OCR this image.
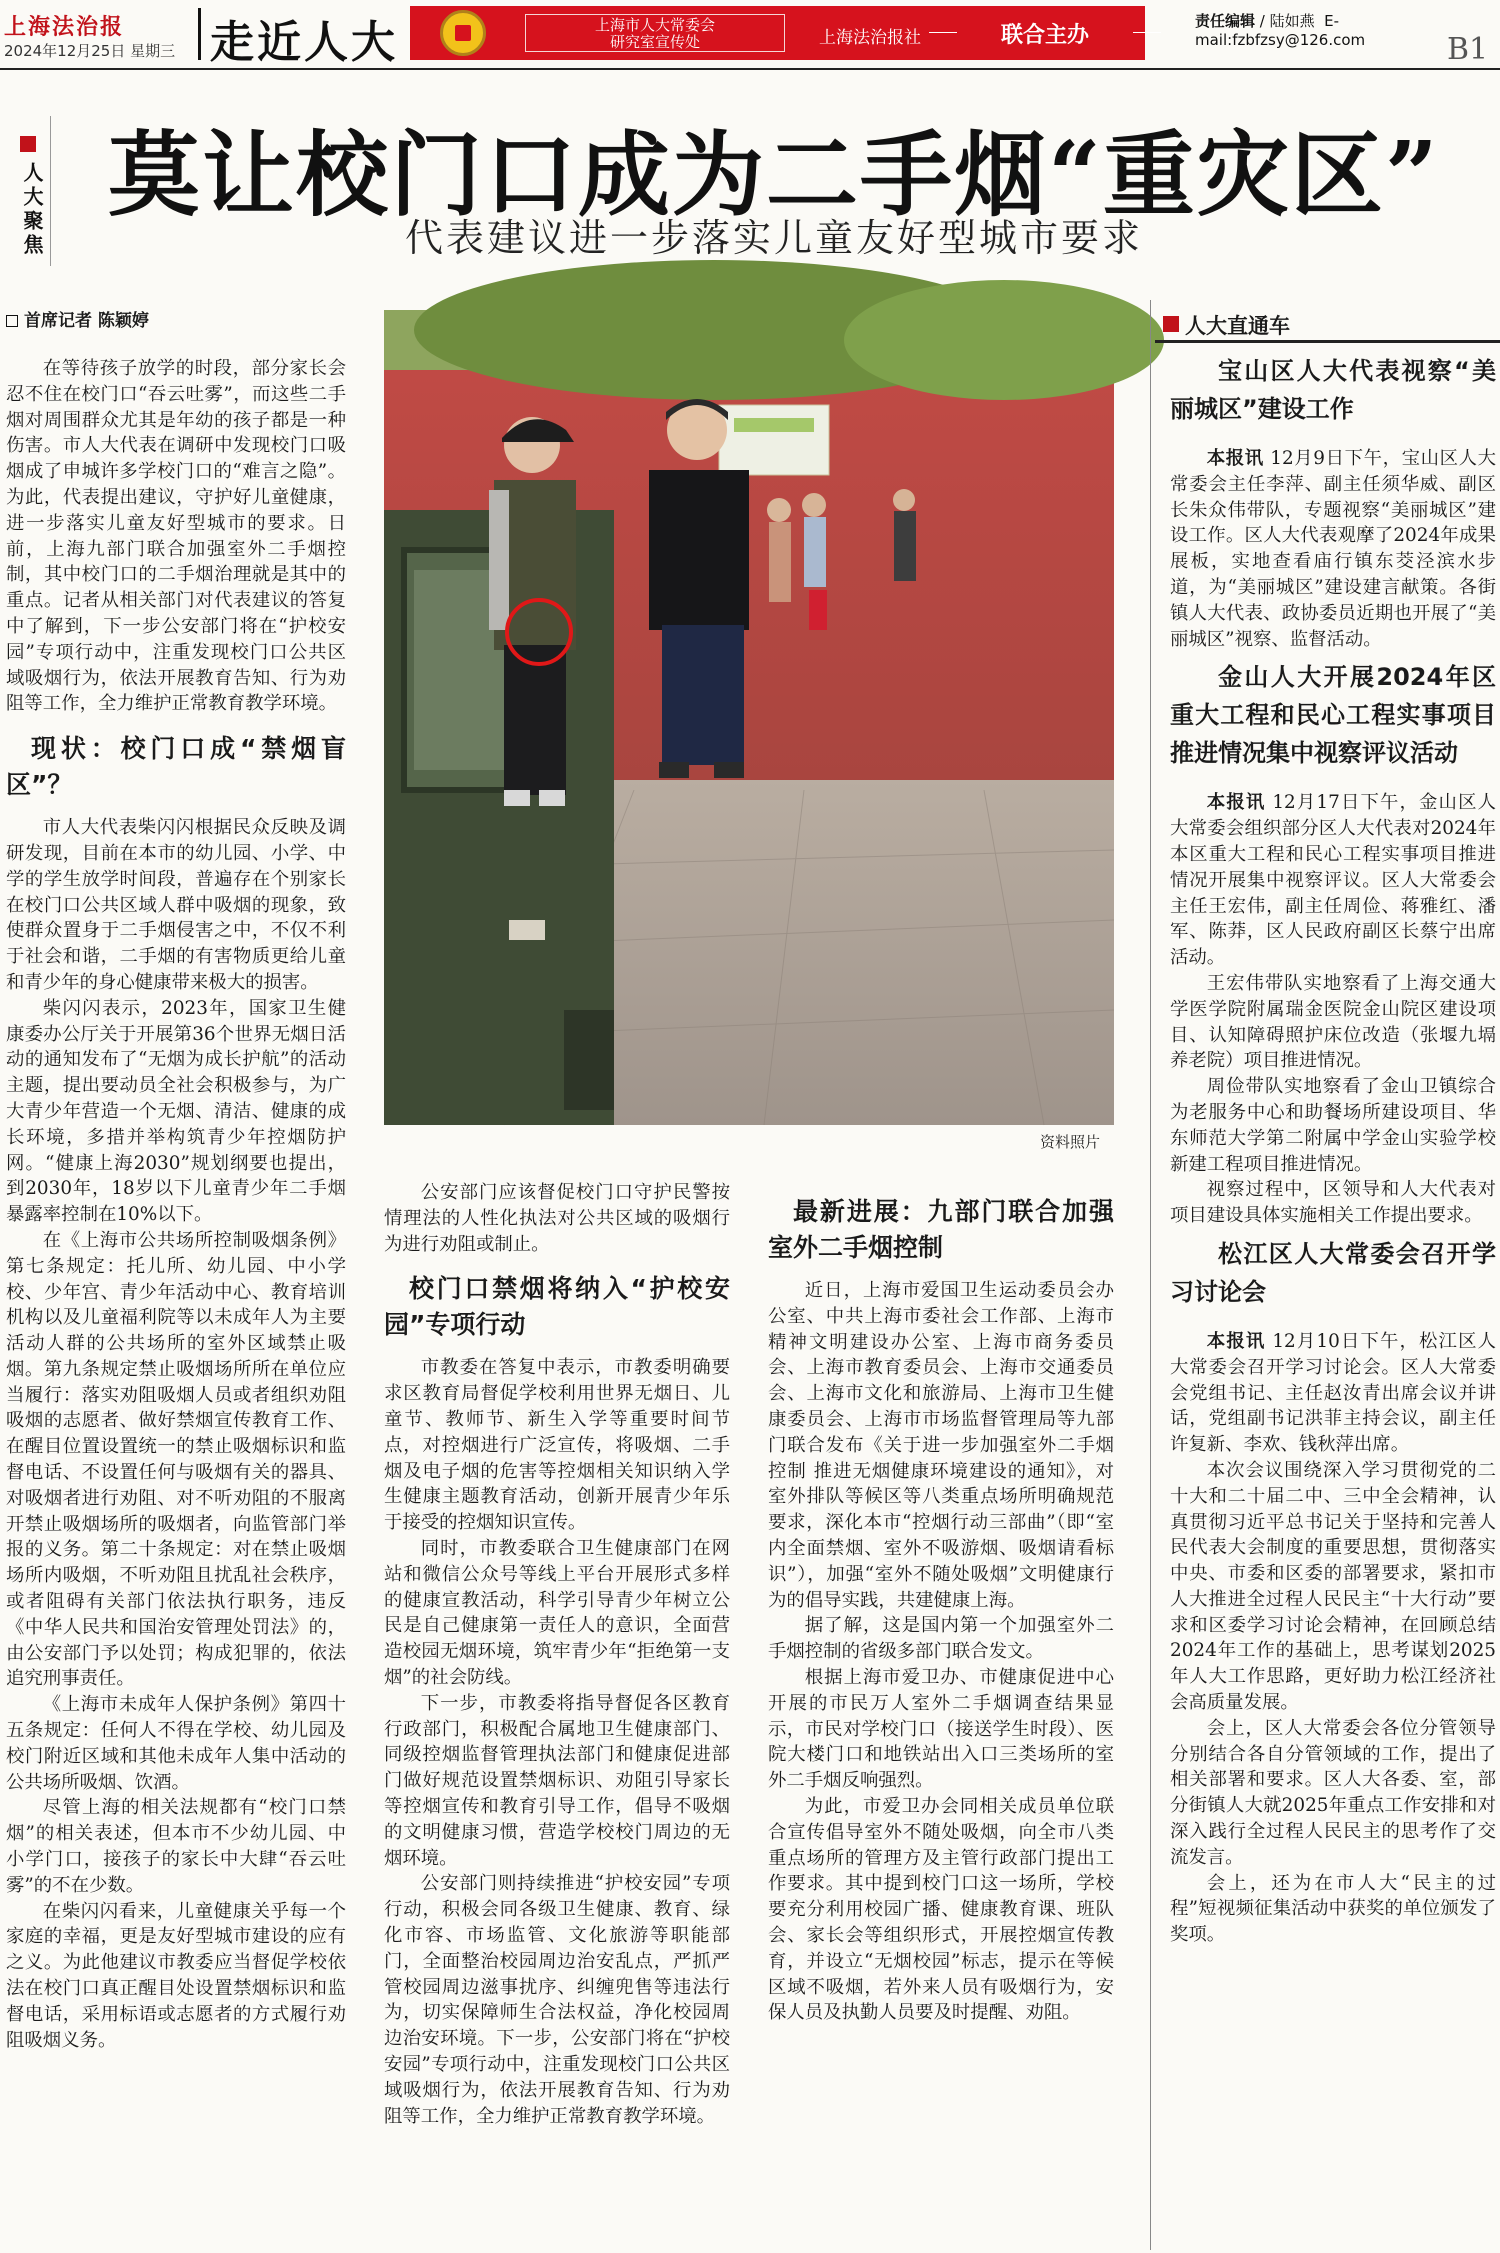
上海法治报
2024年12月25日 星期三 走近人大	上海市人大常委会
研究室宣传处	上海法治报社	联合主办
责任编辑 / 陆如燕 E-mail:fzbfzsy@126.com	B1
人大聚焦 莫让校门口成为二手烟“重灾区”
代表建议进一步落实儿童友好型城市要求
首席记者 陈颖婷

在等待孩子放学的时段，部分家长会忍不住在校门口“吞云吐雾”，而这些二手烟对周围群众尤其是年幼的孩子都是一种伤害。市人大代表在调研中发现校门口吸烟成了申城许多学校门口的“难言之隐”。为此，代表提出建议，守护好儿童健康，进一步落实儿童友好型城市的要求。日前，上海九部门联合加强室外二手烟控制，其中校门口的二手烟治理就是其中的重点。记者从相关部门对代表建议的答复中了解到，下一步公安部门将在“护校安园”专项行动中，注重发现校门口公共区域吸烟行为，依法开展教育告知、行为劝阻等工作，全力维护正常教育教学环境。

现状：校门口成“禁烟盲区”？

市人大代表柴闪闪根据民众反映及调研发现，目前在本市的幼儿园、小学、中学的学生放学时间段，普遍存在个别家长在校门口公共区域人群中吸烟的现象，致使群众置身于二手烟侵害之中，不仅不利于社会和谐，二手烟的有害物质更给儿童和青少年的身心健康带来极大的损害。

柴闪闪表示，2023年，国家卫生健康委办公厅关于开展第36个世界无烟日活动的通知发布了“无烟为成长护航”的活动主题，提出要动员全社会积极参与，为广大青少年营造一个无烟、清洁、健康的成长环境，多措并举构筑青少年控烟防护网。“健康上海2030”规划纲要也提出，到2030年，18岁以下儿童青少年二手烟暴露率控制在10%以下。

在《上海市公共场所控制吸烟条例》第七条规定：托儿所、幼儿园、中小学校、少年宫、青少年活动中心、教育培训机构以及儿童福利院等以未成年人为主要活动人群的公共场所的室外区域禁止吸烟。第九条规定禁止吸烟场所所在单位应当履行：落实劝阻吸烟人员或者组织劝阻吸烟的志愿者、做好禁烟宣传教育工作、在醒目位置设置统一的禁止吸烟标识和监督电话、不设置任何与吸烟有关的器具、对吸烟者进行劝阻、对不听劝阻的不服离开禁止吸烟场所的吸烟者，向监管部门举报的义务。第二十条规定：对在禁止吸烟场所内吸烟，不听劝阻且扰乱社会秩序，或者阻碍有关部门依法执行职务，违反《中华人民共和国治安管理处罚法》的，由公安部门予以处罚；构成犯罪的，依法追究刑事责任。

《上海市未成年人保护条例》第四十五条规定：任何人不得在学校、幼儿园及校门附近区域和其他未成年人集中活动的公共场所吸烟、饮酒。

尽管上海的相关法规都有“校门口禁烟”的相关表述，但本市不少幼儿园、中小学门口，接孩子的家长中大肆“吞云吐雾”的不在少数。

在柴闪闪看来，儿童健康关乎每一个家庭的幸福，更是友好型城市建设的应有之义。为此他建议市教委应当督促学校依法在校门口真正醒目处设置禁烟标识和监督电话，采用标语或志愿者的方式履行劝阻吸烟义务。

资料照片

公安部门应该督促校门口守护民警按情理法的人性化执法对公共区域的吸烟行为进行劝阻或制止。

校门口禁烟将纳入“护校安园”专项行动

市教委在答复中表示，市教委明确要求区教育局督促学校利用世界无烟日、儿童节、教师节、新生入学等重要时间节点，对控烟进行广泛宣传，将吸烟、二手烟及电子烟的危害等控烟相关知识纳入学生健康主题教育活动，创新开展青少年乐于接受的控烟知识宣传。

同时，市教委联合卫生健康部门在网站和微信公众号等线上平台开展形式多样的健康宣教活动，科学引导青少年树立公民是自己健康第一责任人的意识，全面营造校园无烟环境，筑牢青少年“拒绝第一支烟”的社会防线。

下一步，市教委将指导督促各区教育行政部门，积极配合属地卫生健康部门、同级控烟监督管理执法部门和健康促进部门做好规范设置禁烟标识、劝阻引导家长等控烟宣传和教育引导工作，倡导不吸烟的文明健康习惯，营造学校校门周边的无烟环境。

公安部门则持续推进“护校安园”专项行动，积极会同各级卫生健康、教育、绿化市容、市场监管、文化旅游等职能部门，全面整治校园周边治安乱点，严抓严管校园周边滋事扰序、纠缠兜售等违法行为，切实保障师生合法权益，净化校园周边治安环境。下一步，公安部门将在“护校安园”专项行动中，注重发现校门口公共区域吸烟行为，依法开展教育告知、行为劝阻等工作，全力维护正常教育教学环境。

最新进展：九部门联合加强室外二手烟控制

近日，上海市爱国卫生运动委员会办公室、中共上海市委社会工作部、上海市精神文明建设办公室、上海市商务委员会、上海市教育委员会、上海市交通委员会、上海市文化和旅游局、上海市卫生健康委员会、上海市市场监督管理局等九部门联合发布《关于进一步加强室外二手烟控制 推进无烟健康环境建设的通知》，对室外排队等候区等八类重点场所明确规范要求，深化本市“控烟行动三部曲”（即“室内全面禁烟、室外不吸游烟、吸烟请看标识”），加强“室外不随处吸烟”文明健康行为的倡导实践，共建健康上海。

据了解，这是国内第一个加强室外二手烟控制的省级多部门联合发文。

根据上海市爱卫办、市健康促进中心开展的市民万人室外二手烟调查结果显示，市民对学校门口（接送学生时段）、医院大楼门口和地铁站出入口三类场所的室外二手烟反响强烈。

为此，市爱卫办会同相关成员单位联合宣传倡导室外不随处吸烟，向全市八类重点场所的管理方及主管行政部门提出工作要求。其中提到校门口这一场所，学校要充分利用校园广播、健康教育课、班队会、家长会等组织形式，开展控烟宣传教育，并设立“无烟校园”标志，提示在等候区域不吸烟，若外来人员有吸烟行为，安保人员及执勤人员要及时提醒、劝阻。

人大直通车
宝山区人大代表视察“美丽城区”建设工作

本报讯 12月9日下午，宝山区人大常委会主任李萍、副主任须华威、副区长朱众伟带队，专题视察“美丽城区”建设工作。区人大代表观摩了2024年成果展板，实地查看庙行镇东茭泾滨水步道，为“美丽城区”建设建言献策。各街镇人大代表、政协委员近期也开展了“美丽城区”视察、监督活动。

金山人大开展2024年区重大工程和民心工程实事项目推进情况集中视察评议活动

本报讯 12月17日下午，金山区人大常委会组织部分区人大代表对2024年本区重大工程和民心工程实事项目推进情况开展集中视察评议。区人大常委会主任王宏伟，副主任周俭、蒋雅红、潘军、陈莽，区人民政府副区长蔡宁出席活动。

王宏伟带队实地察看了上海交通大学医学院附属瑞金医院金山院区建设项目、认知障碍照护床位改造（张堰九塥养老院）项目推进情况。

周俭带队实地察看了金山卫镇综合为老服务中心和助餐场所建设项目、华东师范大学第二附属中学金山实验学校新建工程项目推进情况。

视察过程中，区领导和人大代表对项目建设具体实施相关工作提出要求。

松江区人大常委会召开学习讨论会

本报讯 12月10日下午，松江区人大常委会召开学习讨论会。区人大常委会党组书记、主任赵汝青出席会议并讲话，党组副书记洪菲主持会议，副主任许复新、李欢、钱秋萍出席。

本次会议围绕深入学习贯彻党的二十大和二十届二中、三中全会精神，认真贯彻习近平总书记关于坚持和完善人民代表大会制度的重要思想，贯彻落实中央、市委和区委的部署要求，紧扣市人大推进全过程人民民主“十大行动”要求和区委学习讨论会精神，在回顾总结2024年工作的基础上，思考谋划2025年人大工作思路，更好助力松江经济社会高质量发展。

会上，区人大常委会各位分管领导分别结合各自分管领域的工作，提出了相关部署和要求。区人大各委、室，部分街镇人大就2025年重点工作安排和对深入践行全过程人民民主的思考作了交流发言。

会上，还为在市人大“民主的过程”短视频征集活动中获奖的单位颁发了奖项。
